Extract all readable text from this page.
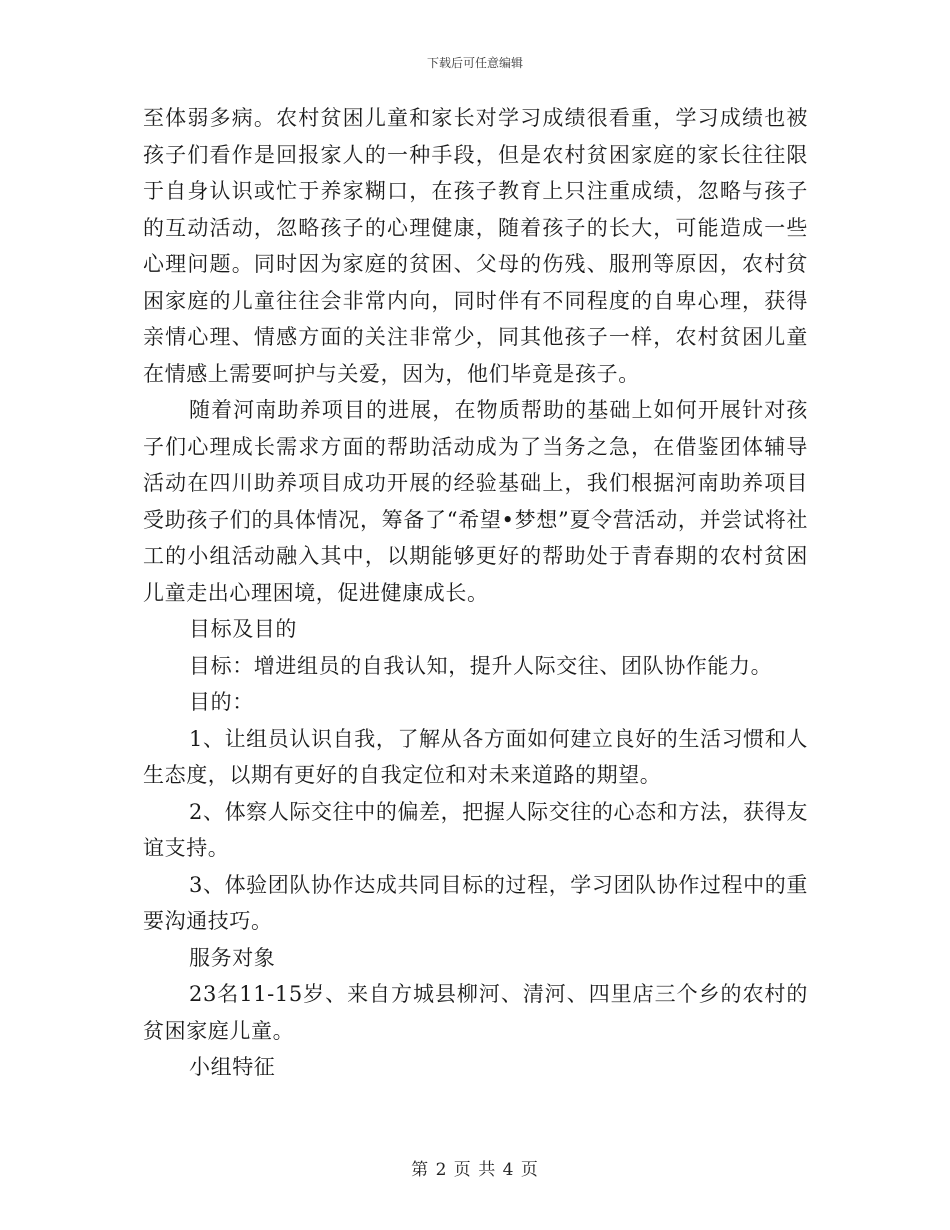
下载后可任意编辑

至体弱多病。农村贫困儿童和家长对学习成绩很看重，学习成绩也被孩子们看作是回报家人的一种手段，但是农村贫困家庭的家长往往限于自身认识或忙于养家糊口，在孩子教育上只注重成绩，忽略与孩子的互动活动，忽略孩子的心理健康，随着孩子的长大，可能造成一些心理问题。同时因为家庭的贫困、父母的伤残、服刑等原因，农村贫困家庭的儿童往往会非常内向，同时伴有不同程度的自卑心理，获得亲情心理、情感方面的关注非常少，同其他孩子一样，农村贫困儿童在情感上需要呵护与关爱，因为，他们毕竟是孩子。

随着河南助养项目的进展，在物质帮助的基础上如何开展针对孩子们心理成长需求方面的帮助活动成为了当务之急，在借鉴团体辅导活动在四川助养项目成功开展的经验基础上，我们根据河南助养项目受助孩子们的具体情况，筹备了“希望•梦想”夏令营活动，并尝试将社工的小组活动融入其中，以期能够更好的帮助处于青春期的农村贫困儿童走出心理困境，促进健康成长。

目标及目的

目标：增进组员的自我认知，提升人际交往、团队协作能力。

目的：

1、让组员认识自我，了解从各方面如何建立良好的生活习惯和人生态度，以期有更好的自我定位和对未来道路的期望。

2、体察人际交往中的偏差，把握人际交往的心态和方法，获得友谊支持。

3、体验团队协作达成共同目标的过程，学习团队协作过程中的重要沟通技巧。

服务对象

23名11-15岁、来自方城县柳河、清河、四里店三个乡的农村的贫困家庭儿童。

小组特征

第 2 页 共 4 页
